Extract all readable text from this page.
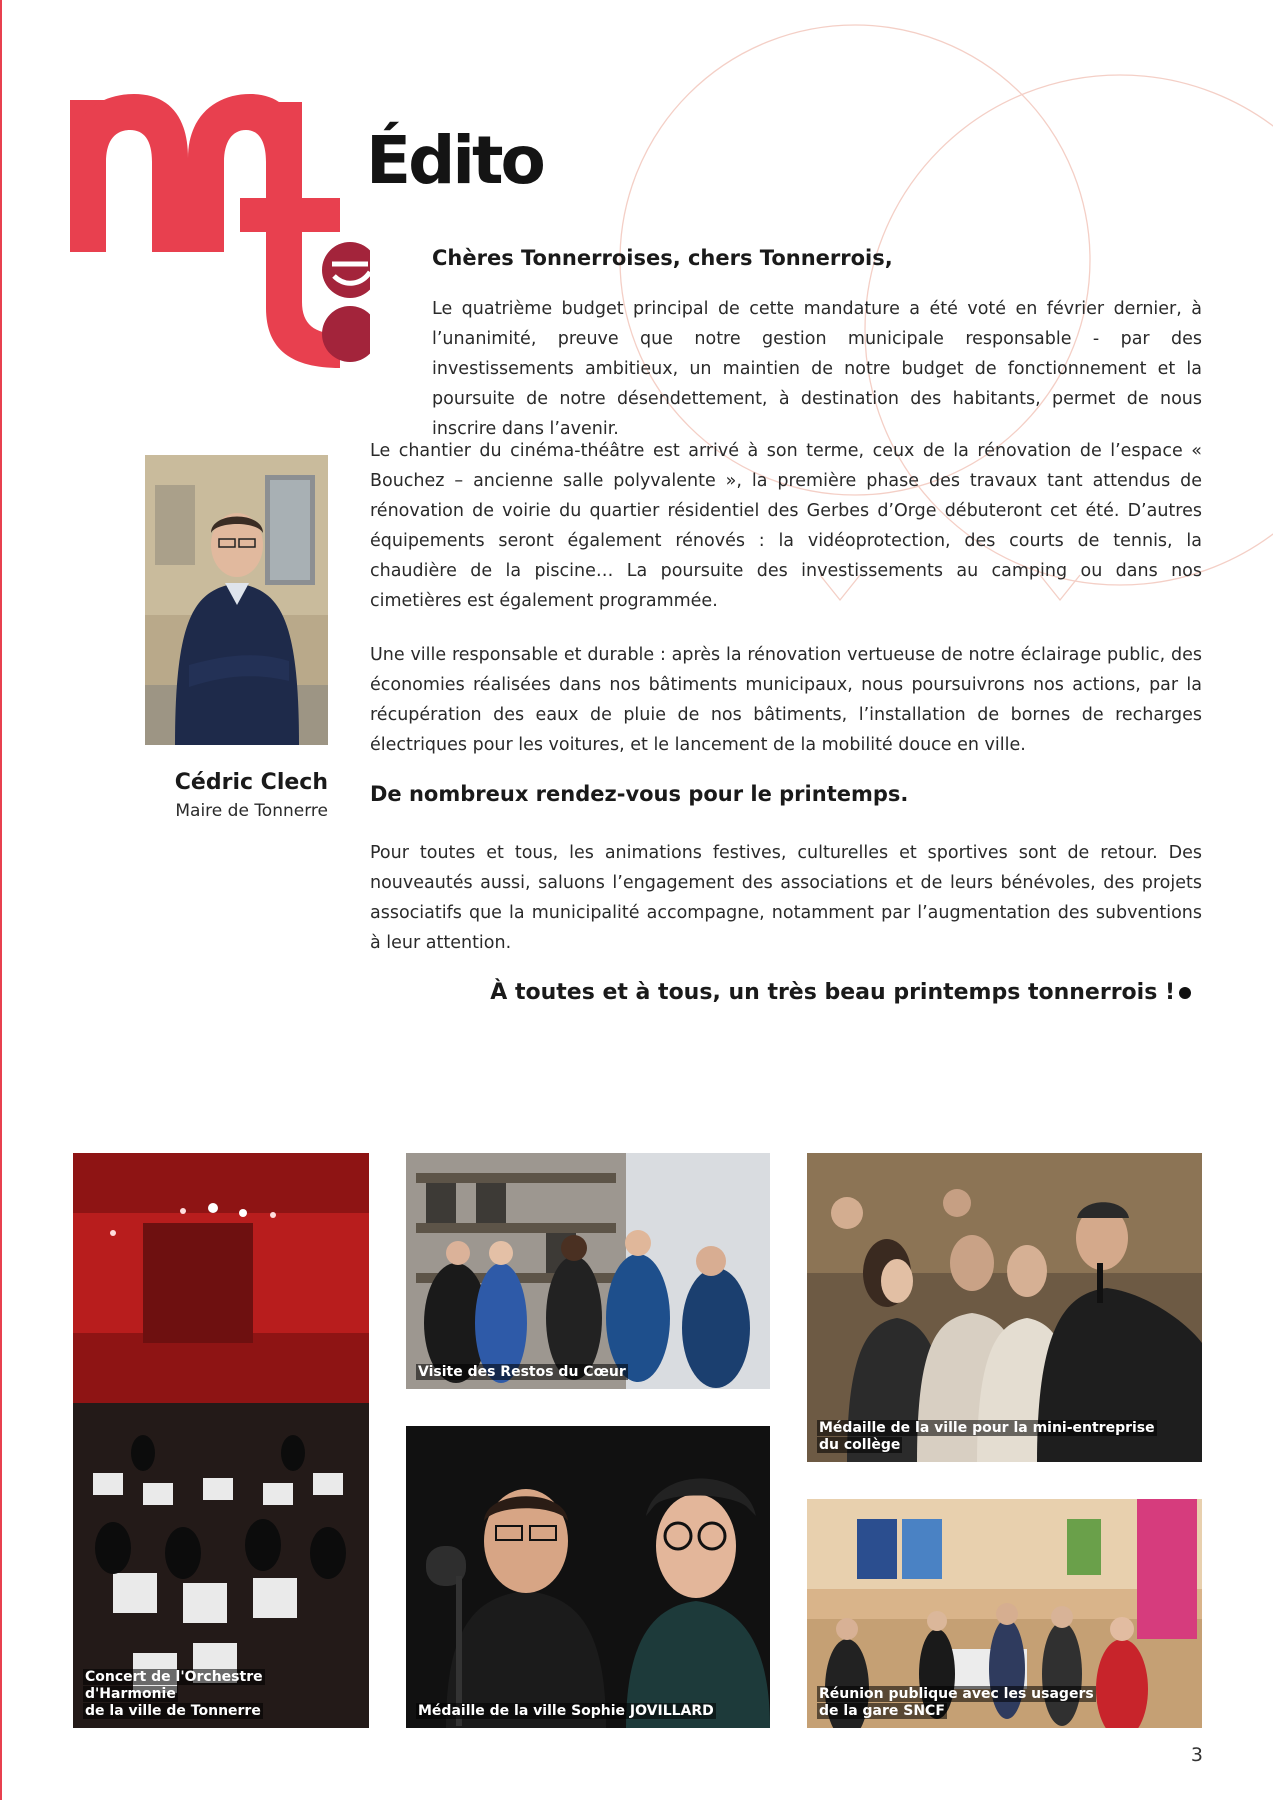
Édito
Chères Tonnerroises, chers Tonnerrois,

Le quatrième budget principal de cette mandature a été voté en février dernier, à l’unanimité, preuve que notre gestion municipale responsable - par des investissements ambitieux, un maintien de notre budget de fonctionnement et la poursuite de notre désendettement, à destination des habitants, permet de nous inscrire dans l’avenir.

Le chantier du cinéma-théâtre est arrivé à son terme, ceux de la rénovation de l’espace « Bouchez – ancienne salle polyvalente », la première phase des travaux tant attendus de rénovation de voirie du quartier résidentiel des Gerbes d’Orge débuteront cet été. D’autres équipements seront également rénovés : la vidéoprotection, des courts de tennis, la chaudière de la piscine… La poursuite des investissements au camping ou dans nos cimetières est également programmée.

Une ville responsable et durable : après la rénovation vertueuse de notre éclairage public, des économies réalisées dans nos bâtiments municipaux, nous poursuivrons nos actions, par la récupération des eaux de pluie de nos bâtiments, l’installation de bornes de recharges électriques pour les voitures, et le lancement de la mobilité douce en ville.

De nombreux rendez-vous pour le printemps.

Pour toutes et tous, les animations festives, culturelles et sportives sont de retour. Des nouveautés aussi, saluons l’engagement des associations et de leurs bénévoles, des projets associatifs que la municipalité accompagne, notamment par l’augmentation des subventions à leur attention.

À toutes et à tous, un très beau printemps tonnerrois !
Cédric Clech
Maire de Tonnerre
Concert de l'Orchestre d'Harmonie
de la ville de Tonnerre
Visite des Restos du Cœur
Médaille de la ville Sophie JOVILLARD
Médaille de la ville pour la mini-entreprise
du collège
Réunion publique avec les usagers
de la gare SNCF
3
